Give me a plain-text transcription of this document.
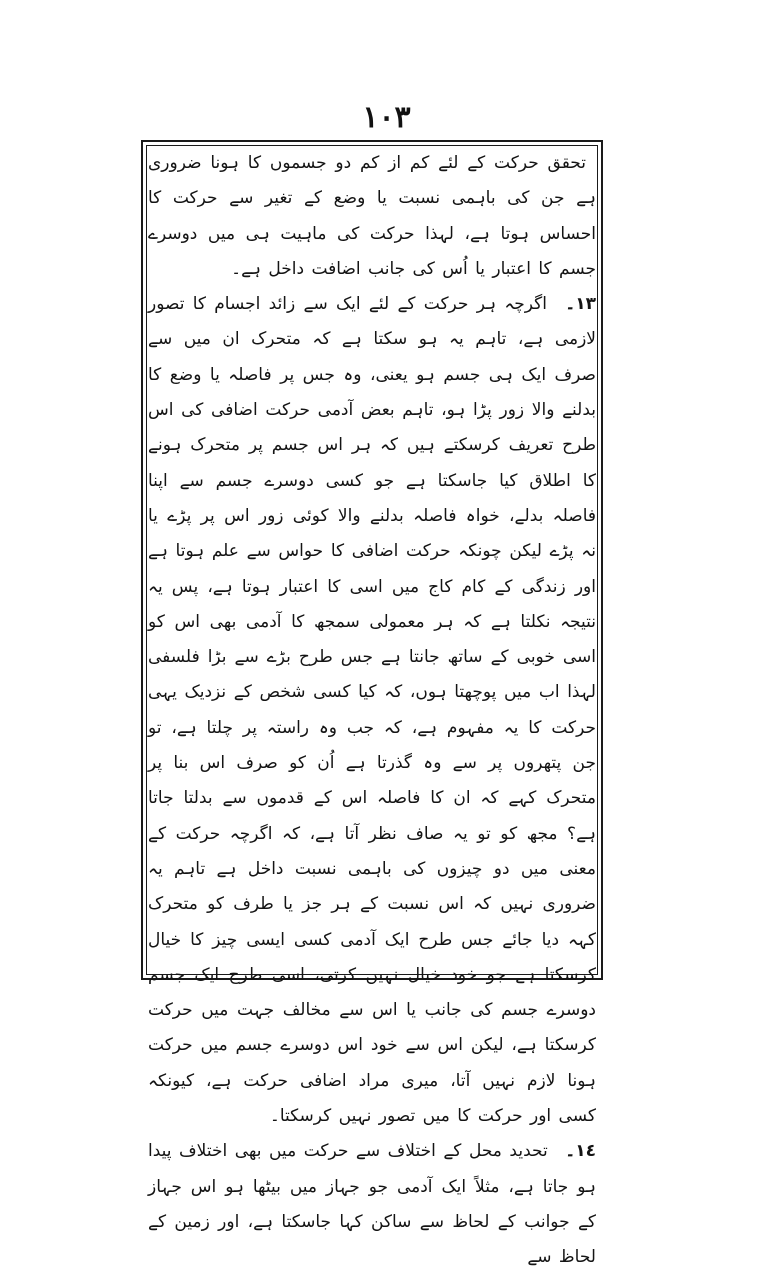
١٠٣

تحقق حرکت کے لئے کم از کم دو جسموں کا ہونا ضروری ہے جن کی باہمی نسبت یا وضع کے تغیر سے حرکت کا احساس ہوتا ہے، لہذا حرکت کی ماہیت ہی میں دوسرے جسم کا اعتبار یا اُس کی جانب اضافت داخل ہے۔

١٣۔ اگرچہ ہر حرکت کے لئے ایک سے زائد اجسام کا تصور لازمی ہے، تاہم یہ ہو سکتا ہے کہ متحرک ان میں سے صرف ایک ہی جسم ہو یعنی، وہ جس پر فاصلہ یا وضع کا بدلنے والا زور پڑا ہو، تاہم بعض آدمی حرکت اضافی کی اس طرح تعریف کرسکتے ہیں کہ ہر اس جسم پر متحرک ہونے کا اطلاق کیا جاسکتا ہے جو کسی دوسرے جسم سے اپنا فاصلہ بدلے، خواہ فاصلہ بدلنے والا کوئی زور اس پر پڑے یا نہ پڑے لیکن چونکہ حرکت اضافی کا حواس سے علم ہوتا ہے اور زندگی کے کام کاج میں اسی کا اعتبار ہوتا ہے، پس یہ نتیجہ نکلتا ہے کہ ہر معمولی سمجھ کا آدمی بھی اس کو اسی خوبی کے ساتھ جانتا ہے جس طرح بڑے سے بڑا فلسفی لہذا اب میں پوچھتا ہوں، کہ کیا کسی شخص کے نزدیک یہی حرکت کا یہ مفہوم ہے، کہ جب وہ راستہ پر چلتا ہے، تو جن پتھروں پر سے وہ گذرتا ہے اُن کو صرف اس بنا پر متحرک کہے کہ ان کا فاصلہ اس کے قدموں سے بدلتا جاتا ہے؟ مجھ کو تو یہ صاف نظر آتا ہے، کہ اگرچہ حرکت کے معنی میں دو چیزوں کی باہمی نسبت داخل ہے تاہم یہ ضروری نہیں کہ اس نسبت کے ہر جز یا طرف کو متحرک کہہ دیا جائے جس طرح ایک آدمی کسی ایسی چیز کا خیال کرسکتا ہے جو خود خیال نہیں کرتی، اسی طرح ایک جسم دوسرے جسم کی جانب یا اس سے مخالف جہت میں حرکت کرسکتا ہے، لیکن اس سے خود اس دوسرے جسم میں حرکت ہونا لازم نہیں آتا، میری مراد اضافی حرکت ہے، کیونکہ کسی اور حرکت کا میں تصور نہیں کرسکتا۔

١٤۔ تحدید محل کے اختلاف سے حرکت میں بھی اختلاف پیدا ہو جاتا ہے، مثلاً ایک آدمی جو جہاز میں بیٹھا ہو اس جہاز کے جوانب کے لحاظ سے ساکن کہا جاسکتا ہے، اور زمین کے لحاظ سے
